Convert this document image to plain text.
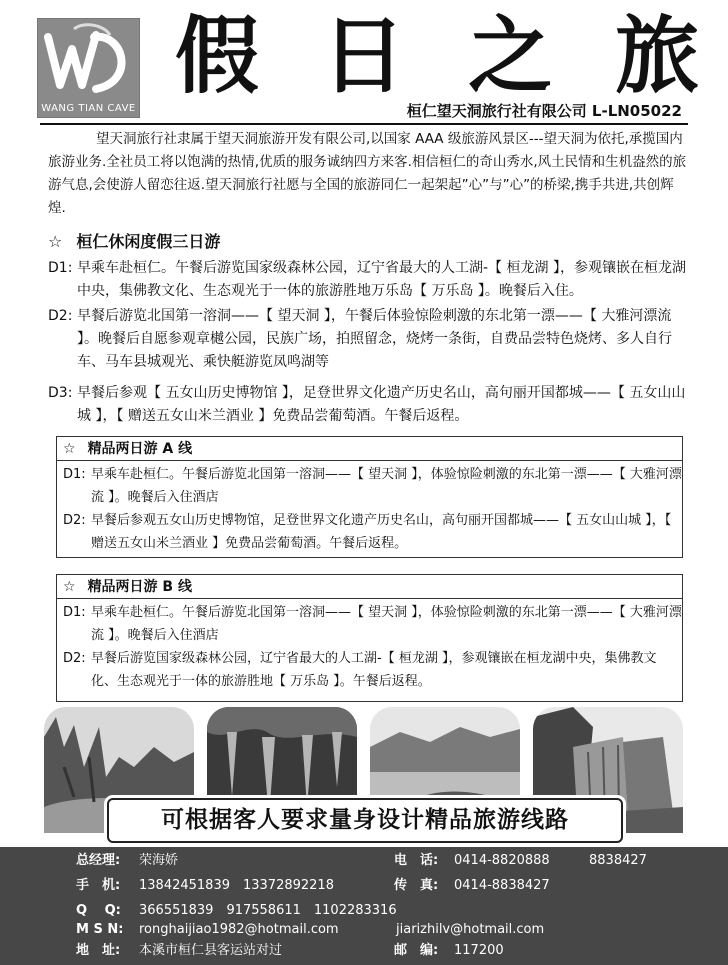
WANG TIAN CAVE
假 日 之 旅
桓仁望天洞旅行社有限公司 L-LN05022

望天洞旅行社隶属于望天洞旅游开发有限公司,以国家 AAA 级旅游风景区---望天洞为依托,承揽国内旅游业务.全社员工将以饱满的热情,优质的服务诚纳四方来客.相信桓仁的奇山秀水,风土民情和生机盎然的旅游气息,会使游人留恋往返.望天洞旅行社愿与全国的旅游同仁一起架起”心”与”心”的桥梁,携手共进,共创辉煌.

☆ 桓仁休闲度假三日游
D1: 早乘车赴桓仁。午餐后游览国家级森林公园，辽宁省最大的人工湖-【 桓龙湖 】，参观镶嵌在桓龙湖中央，集佛教文化、生态观光于一体的旅游胜地万乐岛【 万乐岛 】。晚餐后入住。
D2: 早餐后游览北国第一溶洞——【 望天洞 】，午餐后体验惊险刺激的东北第一漂——【 大雅河漂流 】。晚餐后自愿参观章樾公园，民族广场，拍照留念，烧烤一条街，自费品尝特色烧烤、多人自行车、马车县城观光、乘快艇游览凤鸣湖等
D3: 早餐后参观【 五女山历史博物馆 】，足登世界文化遗产历史名山，高句丽开国都城——【 五女山山城 】，【 赠送五女山米兰酒业 】免费品尝葡萄酒。午餐后返程。
☆ 精品两日游 A 线
D1: 早乘车赴桓仁。午餐后游览北国第一溶洞——【 望天洞 】，体验惊险刺激的东北第一漂——【 大雅河漂流 】。晚餐后入住酒店
D2: 早餐后参观五女山历史博物馆，足登世界文化遗产历史名山，高句丽开国都城——【 五女山山城 】，【 赠送五女山米兰酒业 】免费品尝葡萄酒。午餐后返程。
☆ 精品两日游 B 线
D1: 早乘车赴桓仁。午餐后游览北国第一溶洞——【 望天洞 】，体验惊险刺激的东北第一漂——【 大雅河漂流 】。晚餐后入住酒店
D2: 早餐后游览国家级森林公园，辽宁省最大的人工湖-【 桓龙湖 】，参观镶嵌在桓龙湖中央，集佛教文化、生态观光于一体的旅游胜地【 万乐岛 】。午餐后返程。
可根据客人要求量身设计精品旅游线路
总经理:	荣海娇	电　话:	0414-8820888	8838427
手　机:	13842451839　13372892218	传　真:	0414-8838427
Q　 Q:	366551839　917558611　1102283316
M S N:	ronghaijiao1982@hotmail.com	jiarizhilv@hotmail.com
地　址:	本溪市桓仁县客运站对过	邮　编:	117200
